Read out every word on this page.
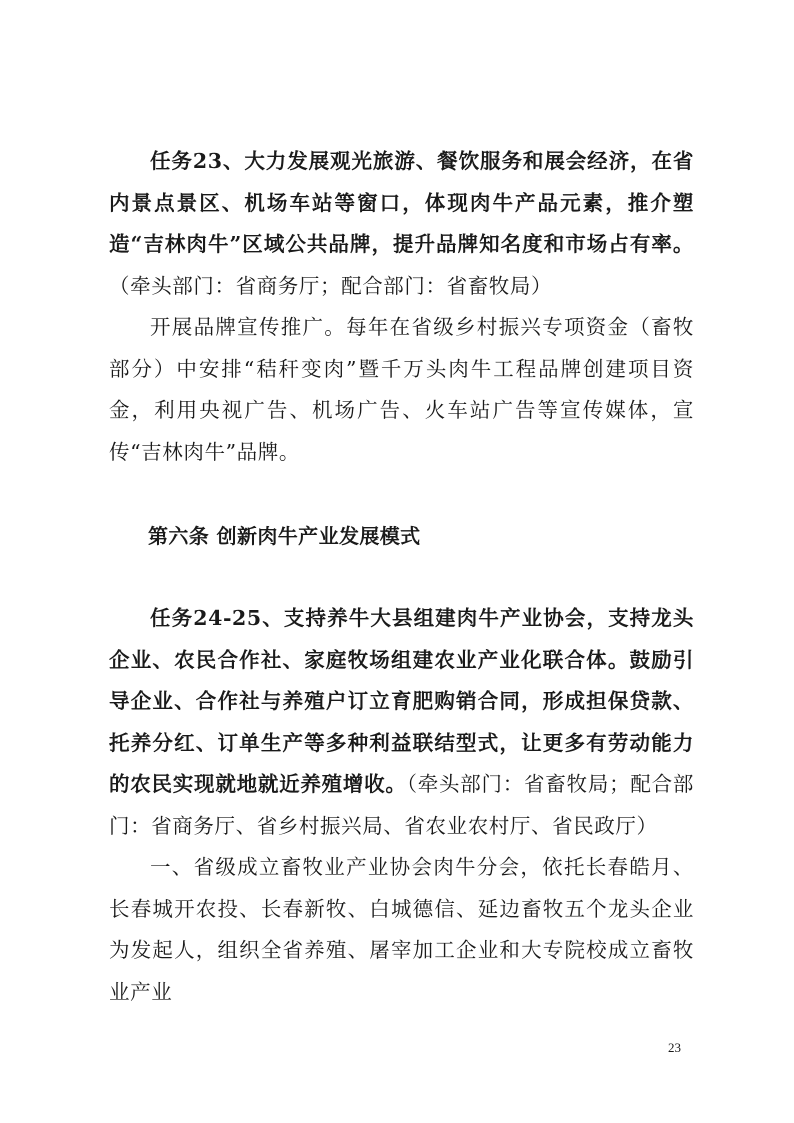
任务23、大力发展观光旅游、餐饮服务和展会经济，在省内景点景区、机场车站等窗口，体现肉牛产品元素，推介塑造“吉林肉牛”区域公共品牌，提升品牌知名度和市场占有率。（牵头部门：省商务厅；配合部门：省畜牧局）

开展品牌宣传推广。每年在省级乡村振兴专项资金（畜牧部分）中安排“秸秆变肉”暨千万头肉牛工程品牌创建项目资金，利用央视广告、机场广告、火车站广告等宣传媒体，宣传“吉林肉牛”品牌。

第六条 创新肉牛产业发展模式

任务24-25、支持养牛大县组建肉牛产业协会，支持龙头企业、农民合作社、家庭牧场组建农业产业化联合体。鼓励引导企业、合作社与养殖户订立育肥购销合同，形成担保贷款、托养分红、订单生产等多种利益联结型式，让更多有劳动能力的农民实现就地就近养殖增收。（牵头部门：省畜牧局；配合部门：省商务厅、省乡村振兴局、省农业农村厅、省民政厅）

一、省级成立畜牧业产业协会肉牛分会，依托长春皓月、长春城开农投、长春新牧、白城德信、延边畜牧五个龙头企业为发起人，组织全省养殖、屠宰加工企业和大专院校成立畜牧业产业

23
